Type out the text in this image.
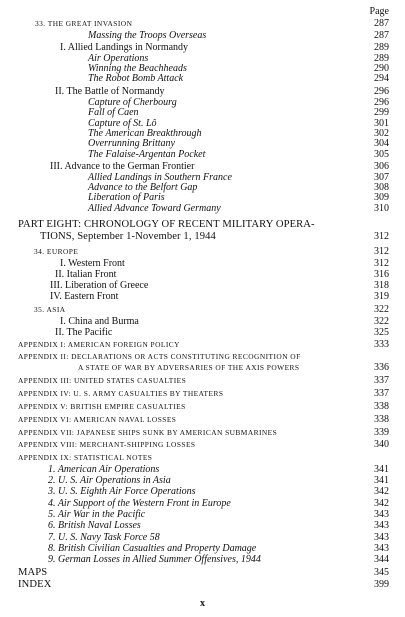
Page
33. THE GREAT INVASION	287
Massing the Troops Overseas	287
I. Allied Landings in Normandy	289
Air Operations	289
Winning the Beachheads	290
The Robot Bomb Attack	294
II. The Battle of Normandy	296
Capture of Cherbourg	296
Fall of Caen	299
Capture of St. Lô	301
The American Breakthrough	302
Overrunning Brittany	304
The Falaise-Argentan Pocket	305
III. Advance to the German Frontier	306
Allied Landings in Southern France	307
Advance to the Belfort Gap	308
Liberation of Paris	309
Allied Advance Toward Germany	310
PART EIGHT: CHRONOLOGY OF RECENT MILITARY OPERA-
TIONS, September 1-November 1, 1944	312
34. EUROPE	312
I. Western Front	312
II. Italian Front	316
III. Liberation of Greece	318
IV. Eastern Front	319
35. ASIA	322
I. China and Burma	322
II. The Pacific	325
APPENDIX I: AMERICAN FOREIGN POLICY	333
APPENDIX II: DECLARATIONS OR ACTS CONSTITUTING RECOGNITION OF
A STATE OF WAR BY ADVERSARIES OF THE AXIS POWERS	336
APPENDIX III: UNITED STATES CASUALTIES	337
APPENDIX IV: U. S. ARMY CASUALTIES BY THEATERS	337
APPENDIX V: BRITISH EMPIRE CASUALTIES	338
APPENDIX VI: AMERICAN NAVAL LOSSES	338
APPENDIX VII: JAPANESE SHIPS SUNK BY AMERICAN SUBMARINES	339
APPENDIX VIII: MERCHANT-SHIPPING LOSSES	340
APPENDIX IX: STATISTICAL NOTES
1. American Air Operations	341
2. U. S. Air Operations in Asia	341
3. U. S. Eighth Air Force Operations	342
4. Air Support of the Western Front in Europe	342
5. Air War in the Pacific	343
6. British Naval Losses	343
7. U. S. Navy Task Force 58	343
8. British Civilian Casualties and Property Damage	343
9. German Losses in Allied Summer Offensives, 1944	344
MAPS	345
INDEX	399
x
